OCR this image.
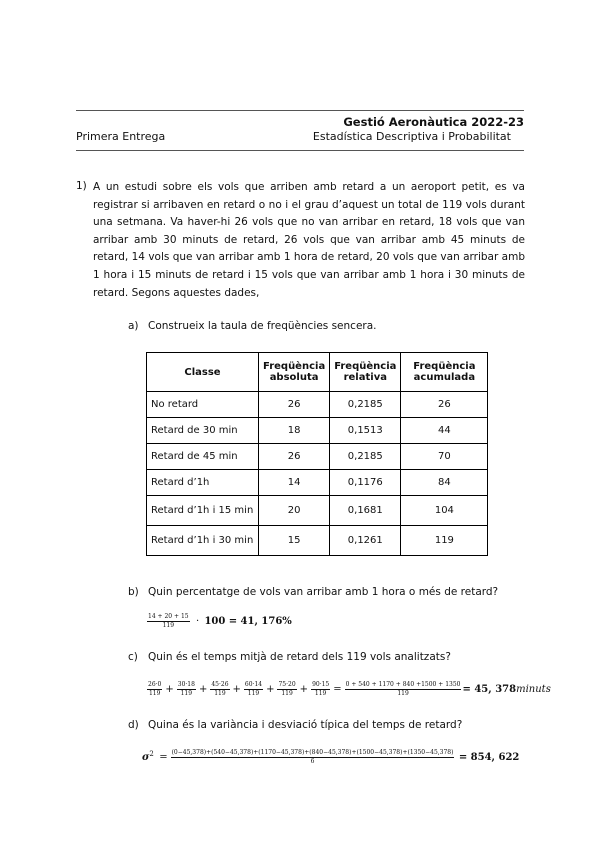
Gestió Aeronàutica 2022-23
Primera Entrega	Estadística Descriptiva i Probabilitat
1) A un estudi sobre els vols que arriben amb retard a un aeroport petit, es va registrar si arribaven en retard o no i el grau d’aquest un total de 119 vols durant una setmana. Va haver-hi 26 vols que no van arribar en retard, 18 vols que van arribar amb 30 minuts de retard, 26 vols que van arribar amb 45 minuts de retard, 14 vols que van arribar amb 1 hora de retard, 20 vols que van arribar amb 1 hora i 15 minuts de retard i 15 vols que van arribar amb 1 hora i 30 minuts de retard. Segons aquestes dades,
a) Construeix la taula de freqüències sencera.
Classe	Freqüència absoluta	Freqüència relativa	Freqüència acumulada
No retard	26	0,2185	26
Retard de 30 min	18	0,1513	44
Retard de 45 min	26	0,2185	70
Retard d’1h	14	0,1176	84
Retard d’1h i 15 min	20	0,1681	104
Retard d’1h i 30 min	15	0,1261	119
b) Quin percentatge de vols van arribar amb 1 hora o més de retard?
$\frac{14 + 20 + 15}{119} \cdot 100 = 41$, 176%
c) Quin és el temps mitjà de retard dels 119 vols analitzats?
$\frac{26\cdot 0}{119} + \frac{30\cdot 18}{119} + \frac{45\cdot 26}{119} + \frac{60\cdot 14}{119} + \frac{75\cdot 20}{119} + \frac{90\cdot 15}{119} = \frac{0 + 540 + 1170 + 840 +1500 + 1350}{119} = 45$, 378minuts
d) Quina és la variància i desviació típica del temps de retard?
$\sigma^2 = (0-45,378)+(540-45,378)+(1170-45,378)+(840-45,378)+(1500-45,378)+(1350-45,378)$
6	= 854, 622
